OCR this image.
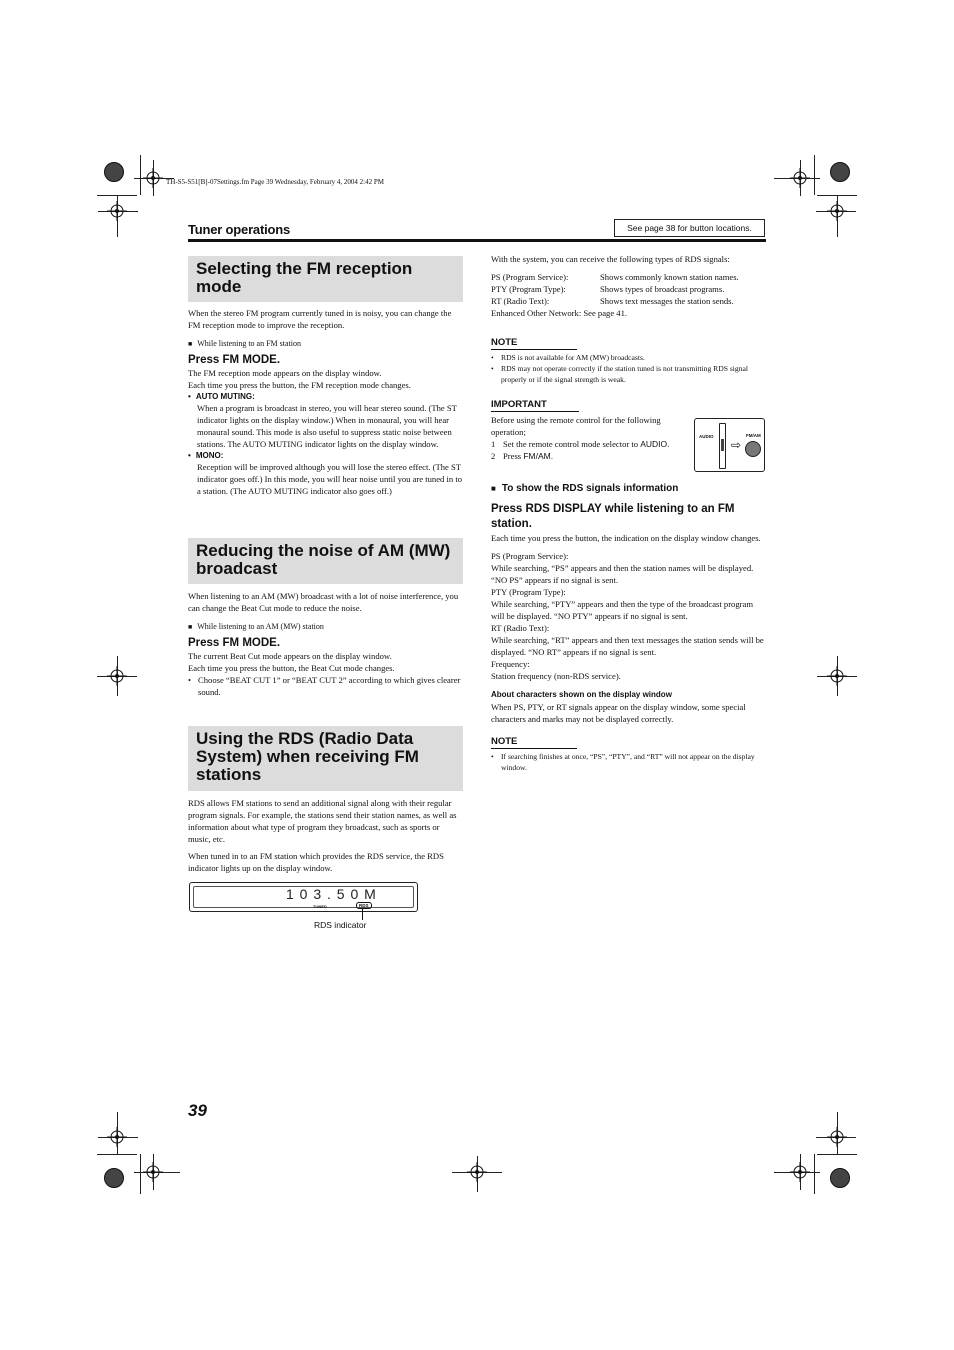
TH-S5-S51[B]-07Settings.fm Page 39 Wednesday, February 4, 2004 2:42 PM
Tuner operations	See page 38 for button locations.
Selecting the FM reception mode
When the stereo FM program currently tuned in is noisy, you can change the FM reception mode to improve the reception.
■ While listening to an FM station
Press FM MODE.
The FM reception mode appears on the display window.
Each time you press the button, the FM reception mode changes.
• AUTO MUTING:
When a program is broadcast in stereo, you will hear stereo sound. (The ST indicator lights on the display window.) When in monaural, you will hear monaural sound. This mode is also useful to suppress static noise between stations. The AUTO MUTING indicator lights on the display window.
• MONO:
Reception will be improved although you will lose the stereo effect. (The ST indicator goes off.) In this mode, you will hear noise until you are tuned in to a station. (The AUTO MUTING indicator also goes off.)
Reducing the noise of AM (MW) broadcast
When listening to an AM (MW) broadcast with a lot of noise interference, you can change the Beat Cut mode to reduce the noise.
■ While listening to an AM (MW) station
Press FM MODE.
The current Beat Cut mode appears on the display window.
Each time you press the button, the Beat Cut mode changes.
• Choose “BEAT CUT 1” or “BEAT CUT 2” according to which gives clearer sound.
Using the RDS (Radio Data System) when receiving FM stations
RDS allows FM stations to send an additional signal along with their regular program signals. For example, the stations send their station names, as well as information about what type of program they broadcast, such as sports or music, etc.
When tuned in to an FM station which provides the RDS service, the RDS indicator lights up on the display window.
1 0 3 . 5 0 M
TUNED	RDS
RDS indicator
With the system, you can receive the following types of RDS signals:
PS (Program Service):	Shows commonly known station names.
PTY (Program Type):	Shows types of broadcast programs.
RT (Radio Text):	Shows text messages the station sends.
Enhanced Other Network: See page 41.
NOTE
• RDS is not available for AM (MW) broadcasts.
• RDS may not operate correctly if the station tuned is not transmitting RDS signal properly or if the signal strength is weak.
IMPORTANT
Before using the remote control for the following operation;
1 Set the remote control mode selector to AUDIO.
2 Press FM/AM.
AUDIO
⇨
FM/AM
■ To show the RDS signals information
Press RDS DISPLAY while listening to an FM station.
Each time you press the button, the indication on the display window changes.
PS (Program Service):
While searching, “PS” appears and then the station names will be displayed. “NO PS” appears if no signal is sent.
PTY (Program Type):
While searching, “PTY” appears and then the type of the broadcast program will be displayed. “NO PTY” appears if no signal is sent.
RT (Radio Text):
While searching, “RT” appears and then text messages the station sends will be displayed. “NO RT” appears if no signal is sent.
Frequency:
Station frequency (non-RDS service).
About characters shown on the display window
When PS, PTY, or RT signals appear on the display window, some special characters and marks may not be displayed correctly.
NOTE
• If searching finishes at once, “PS”, “PTY”, and “RT” will not appear on the display window.
39
